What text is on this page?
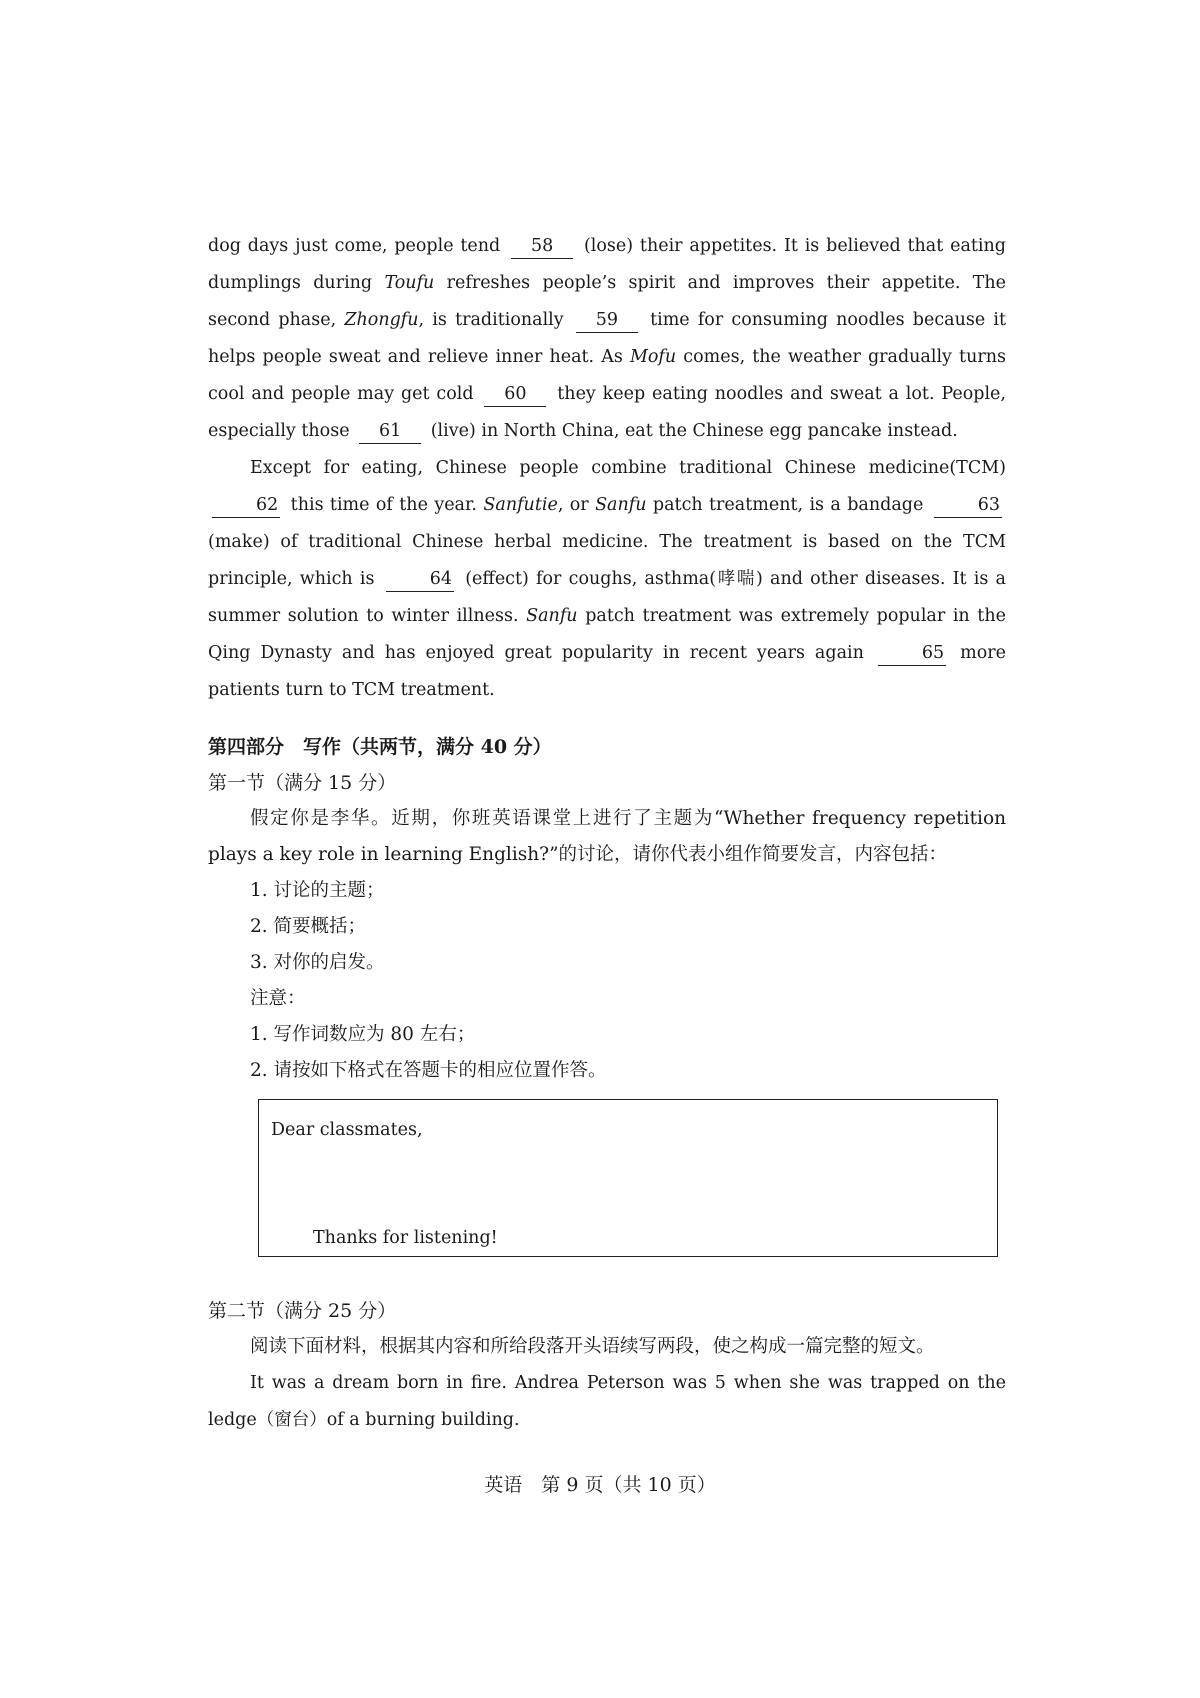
dog days just come, people tend 58 (lose) their appetites. It is believed that eating dumplings during Toufu refreshes people’s spirit and improves their appetite. The second phase, Zhongfu, is traditionally 59 time for consuming noodles because it helps people sweat and relieve inner heat. As Mofu comes, the weather gradually turns cool and people may get cold 60 they keep eating noodles and sweat a lot. People, especially those 61 (live) in North China, eat the Chinese egg pancake instead.

Except for eating, Chinese people combine traditional Chinese medicine(TCM) 62 this time of the year. Sanfutie, or Sanfu patch treatment, is a bandage	63 (make) of traditional Chinese herbal medicine. The treatment is based on the TCM principle, which is	64 (effect) for coughs, asthma(哮喘) and other diseases. It is a summer solution to winter illness. Sanfu patch treatment was extremely popular in the Qing Dynasty and has enjoyed great popularity in recent years again	65 more patients turn to TCM treatment.

第四部分　写作（共两节，满分 40 分）
第一节（满分 15 分）

假定你是李华。近期，你班英语课堂上进行了主题为“Whether frequency repetition plays a key role in learning English?”的讨论，请你代表小组作简要发言，内容包括：

1. 讨论的主题；
2. 简要概括；
3. 对你的启发。
注意：
1. 写作词数应为 80 左右；
2. 请按如下格式在答题卡的相应位置作答。
Dear classmates,
Thanks for listening!
第二节（满分 25 分）

阅读下面材料，根据其内容和所给段落开头语续写两段，使之构成一篇完整的短文。

It was a dream born in fire. Andrea Peterson was 5 when she was trapped on the ledge（窗台）of a burning building.

英语　第 9 页（共 10 页）
